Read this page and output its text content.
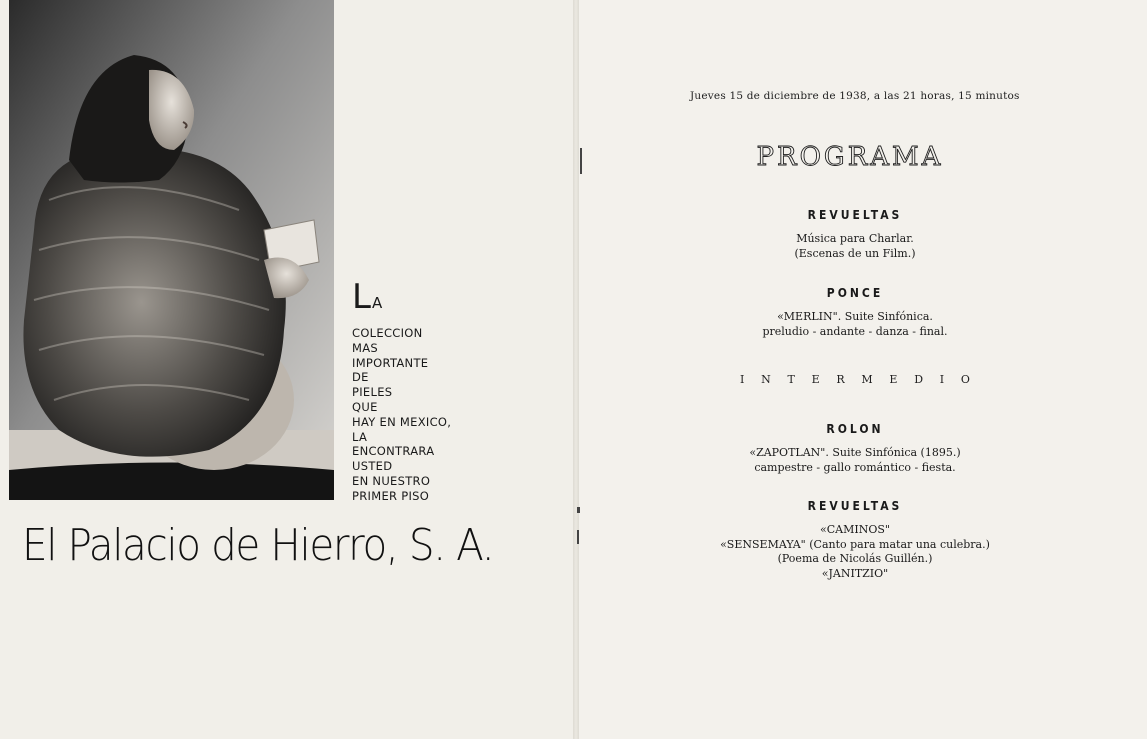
LA
COLECCION
MAS
IMPORTANTE
DE
PIELES
QUE
HAY EN MEXICO,
LA
ENCONTRARA
USTED
EN NUESTRO
PRIMER PISO
El Palacio de Hierro, S. A.
Jueves 15 de diciembre de 1938, a las 21 horas, 15 minutos
PROGRAMA
REVUELTAS
Música para Charlar.
(Escenas de un Film.)
PONCE
«MERLIN". Suite Sinfónica.
preludio - andante - danza - final.
I N T E R M E D I O
ROLON
«ZAPOTLAN". Suite Sinfónica (1895.)
campestre - gallo romántico - fiesta.
REVUELTAS
«CAMINOS"
«SENSEMAYA" (Canto para matar una culebra.)
(Poema de Nicolás Guillén.)
«JANITZIO"
